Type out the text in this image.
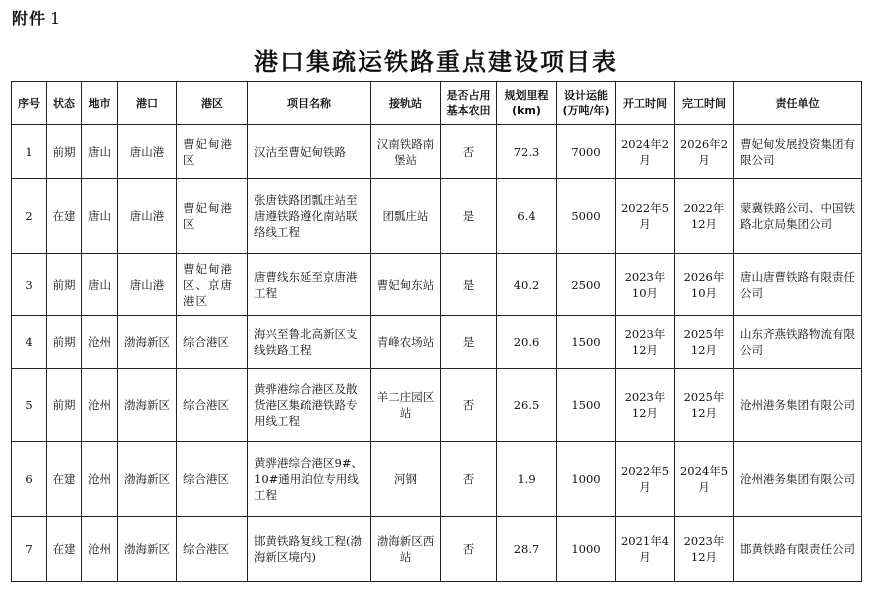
附件 1
港口集疏运铁路重点建设项目表
序号	状态	地市	港口	港区	项目名称	接轨站	是否占用基本农田	规划里程(km)	设计运能(万吨/年)	开工时间	完工时间	责任单位
1	前期	唐山	唐山港	曹妃甸港区	汉沽至曹妃甸铁路	汉南铁路南堡站	否	72.3	7000	2024年2月	2026年2月	曹妃甸发展投资集团有限公司
2	在建	唐山	唐山港	曹妃甸港区	张唐铁路团瓢庄站至唐遵铁路遵化南站联络线工程	团瓢庄站	是	6.4	5000	2022年5月	2022年12月	蒙冀铁路公司、中国铁路北京局集团公司
3	前期	唐山	唐山港	曹妃甸港区、京唐港区	唐曹线东延至京唐港工程	曹妃甸东站	是	40.2	2500	2023年10月	2026年10月	唐山唐曹铁路有限责任公司
4	前期	沧州	渤海新区	综合港区	海兴至鲁北高新区支线铁路工程	青峰农场站	是	20.6	1500	2023年12月	2025年12月	山东齐燕铁路物流有限公司
5	前期	沧州	渤海新区	综合港区	黄骅港综合港区及散货港区集疏港铁路专用线工程	羊二庄园区站	否	26.5	1500	2023年12月	2025年12月	沧州港务集团有限公司
6	在建	沧州	渤海新区	综合港区	黄骅港综合港区9#、10#通用泊位专用线工程	河钢	否	1.9	1000	2022年5月	2024年5月	沧州港务集团有限公司
7	在建	沧州	渤海新区	综合港区	邯黄铁路复线工程(渤海新区境内)	渤海新区西站	否	28.7	1000	2021年4月	2023年12月	邯黄铁路有限责任公司
